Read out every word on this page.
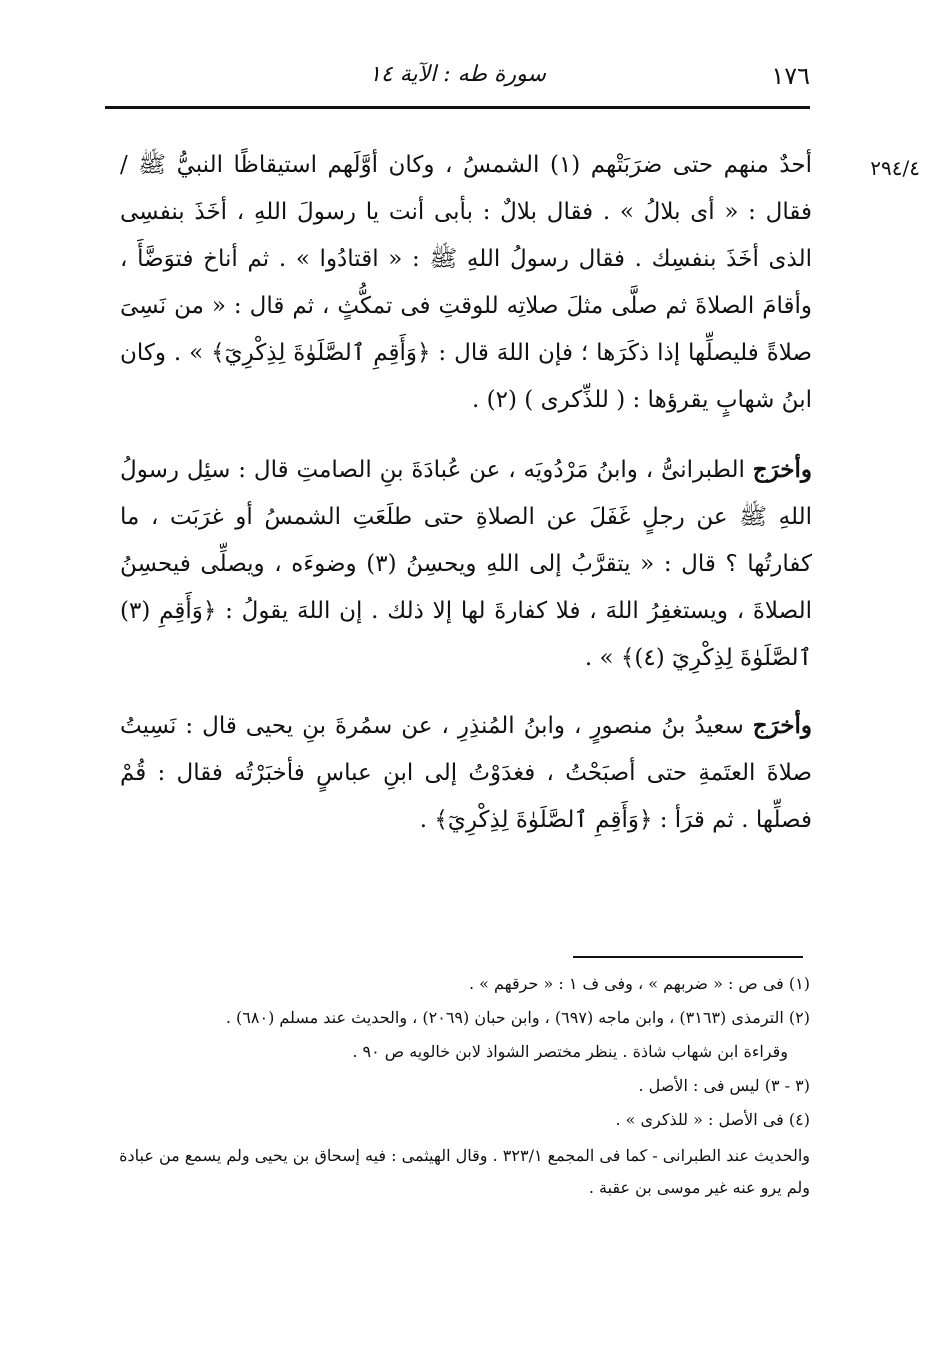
١٧٦
سورة طه : الآية ١٤
٢٩٤/٤

أحدٌ منهم حتى ضرَبَتْهم (١) الشمسُ ، وكان أوَّلَهم استيقاظًا النبيُّ ﷺ / فقال : « أى بلالُ » . فقال بلالٌ : بأبى أنت يا رسولَ اللهِ ، أخَذَ بنفسِى الذى أخَذَ بنفسِك . فقال رسولُ اللهِ ﷺ : « اقتادُوا » . ثم أناخ فتوَضَّأَ ، وأقامَ الصلاةَ ثم صلَّى مثلَ صلاتِه للوقتِ فى تمكُّثٍ ، ثم قال : « من نَسِىَ صلاةً فليصلِّها إذا ذكَرَها ؛ فإن اللهَ قال : ﴿وَأَقِمِ ٱلصَّلَوٰةَ لِذِكْرِيٓ﴾ » . وكان ابنُ شهابٍ يقرؤها : ( للذِّكرى ) (٢) .

وأخرَج الطبرانىُّ ، وابنُ مَرْدُويَه ، عن عُبادَةَ بنِ الصامتِ قال : سئِل رسولُ اللهِ ﷺ عن رجلٍ غَفَلَ عن الصلاةِ حتى طلَعَتِ الشمسُ أو غرَبَت ، ما كفارتُها ؟ قال : « يتقرَّبُ إلى اللهِ ويحسِنُ (٣) وضوءَه ، ويصلِّى فيحسِنُ الصلاةَ ، ويستغفِرُ اللهَ ، فلا كفارةَ لها إلا ذلك . إن اللهَ يقولُ : ﴿وَأَقِمِ (٣) ٱلصَّلَوٰةَ لِذِكْرِيٓ (٤)﴾ » .

وأخرَج سعيدُ بنُ منصورٍ ، وابنُ المُنذِرِ ، عن سمُرةَ بنِ يحيى قال : نَسِيتُ صلاةَ العتَمةِ حتى أصبَحْتُ ، فغدَوْتُ إلى ابنِ عباسٍ فأخبَرْتُه فقال : قُمْ فصلِّها . ثم قرَأ : ﴿وَأَقِمِ ٱلصَّلَوٰةَ لِذِكْرِيٓ﴾ .

(١) فى ص : « ضربهم » ، وفى ف ١ : « حرقهم » .
(٢) الترمذى (٣١٦٣) ، وابن ماجه (٦٩٧) ، وابن حبان (٢٠٦٩) ، والحديث عند مسلم (٦٨٠) .
وقراءة ابن شهاب شاذة . ينظر مختصر الشواذ لابن خالويه ص ٩٠ .
(٣ - ٣) ليس فى : الأصل .
(٤) فى الأصل : « للذكرى » .
والحديث عند الطبرانى - كما فى المجمع ٣٢٣/١ . وقال الهيثمى : فيه إسحاق بن يحيى ولم يسمع من عبادة ولم يرو عنه غير موسى بن عقبة .
